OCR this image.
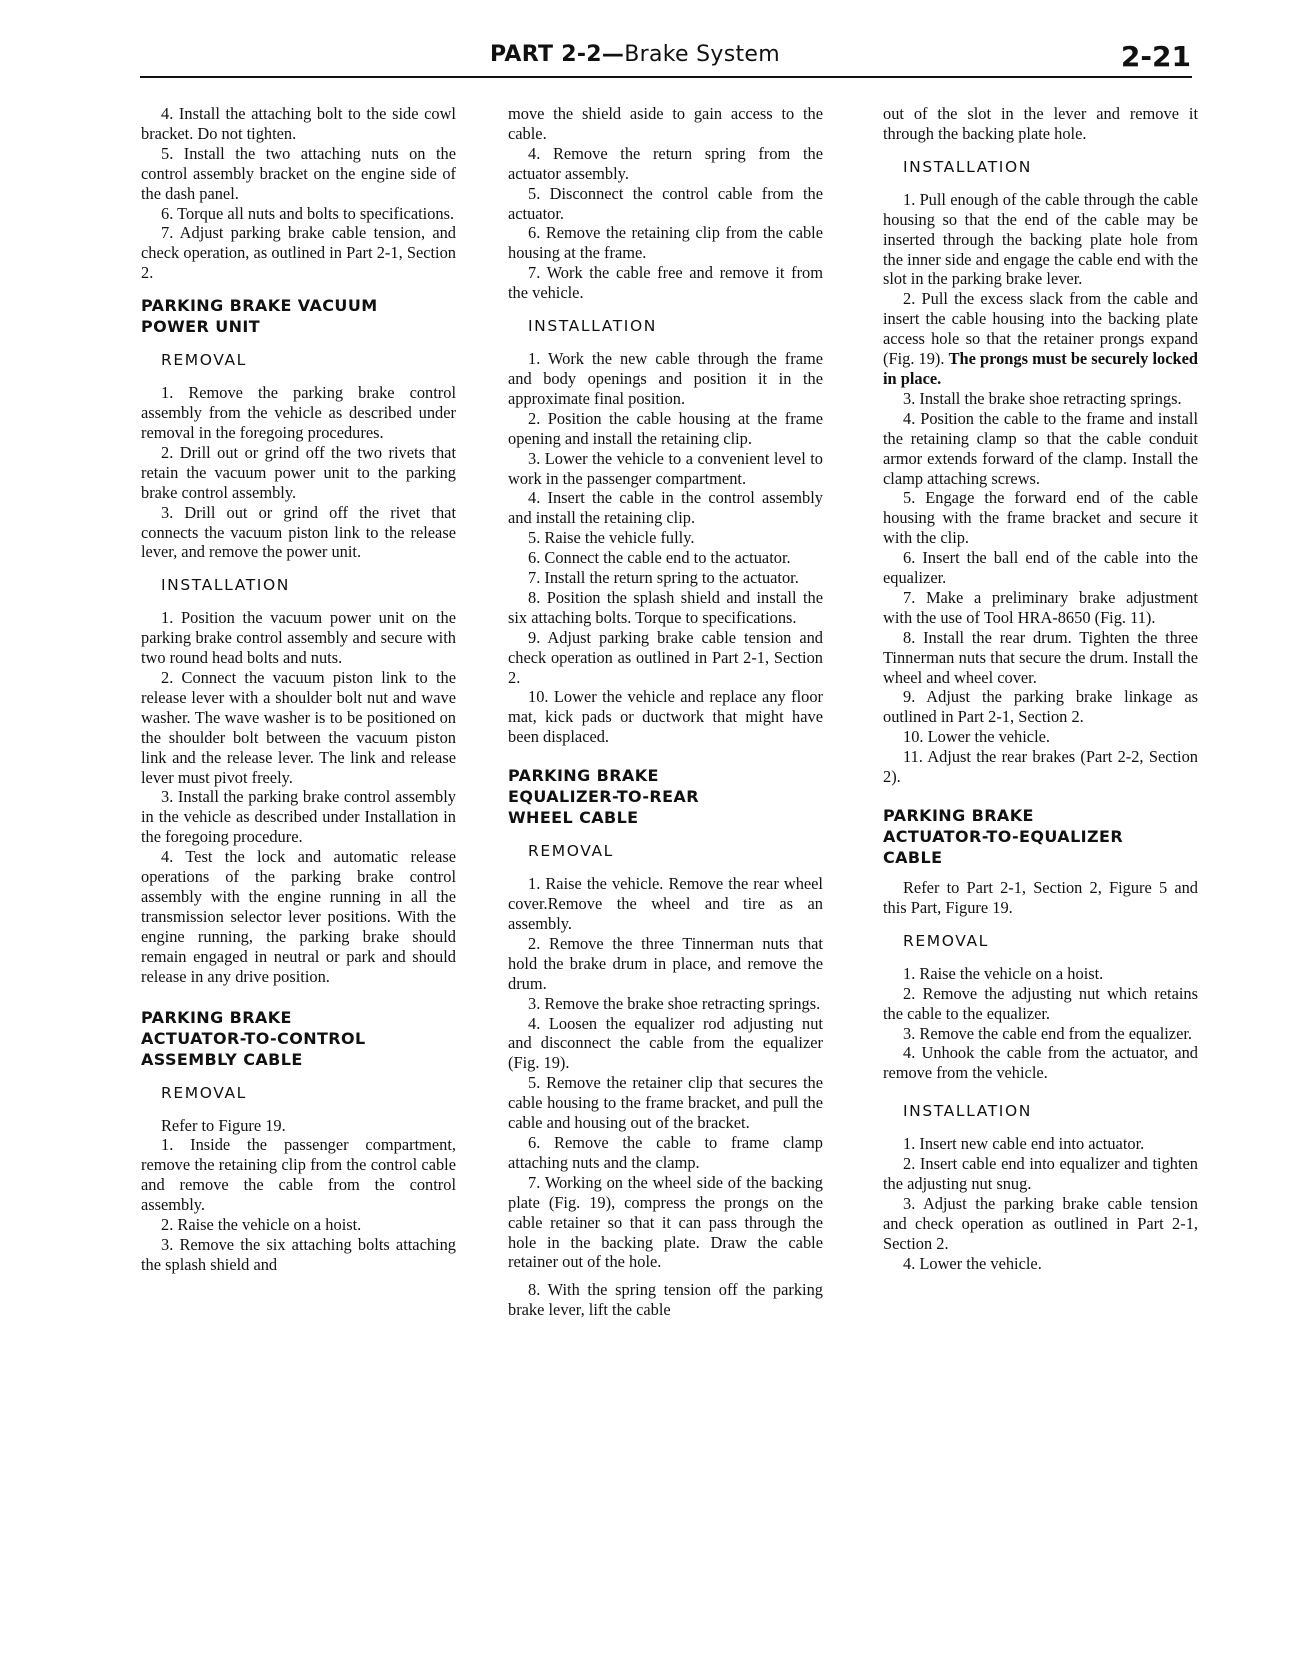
PART 2-2—Brake System	2-21

4. Install the attaching bolt to the side cowl bracket. Do not tighten.

5. Install the two attaching nuts on the control assembly bracket on the engine side of the dash panel.

6. Torque all nuts and bolts to specifications.

7. Adjust parking brake cable tension, and check operation, as outlined in Part 2-1, Section 2.

PARKING BRAKE VACUUM
POWER UNIT
REMOVAL

1. Remove the parking brake control assembly from the vehicle as described under removal in the foregoing procedures.

2. Drill out or grind off the two rivets that retain the vacuum power unit to the parking brake control assembly.

3. Drill out or grind off the rivet that connects the vacuum piston link to the release lever, and remove the power unit.

INSTALLATION

1. Position the vacuum power unit on the parking brake control assembly and secure with two round head bolts and nuts.

2. Connect the vacuum piston link to the release lever with a shoulder bolt nut and wave washer. The wave washer is to be positioned on the shoulder bolt between the vacuum piston link and the release lever. The link and release lever must pivot freely.

3. Install the parking brake control assembly in the vehicle as described under Installation in the foregoing procedure.

4. Test the lock and automatic release operations of the parking brake control assembly with the engine running in all the transmission selector lever positions. With the engine running, the parking brake should remain engaged in neutral or park and should release in any drive position.

PARKING BRAKE
ACTUATOR-TO-CONTROL
ASSEMBLY CABLE
REMOVAL

Refer to Figure 19.

1. Inside the passenger compartment, remove the retaining clip from the control cable and remove the cable from the control assembly.

2. Raise the vehicle on a hoist.

3. Remove the six attaching bolts attaching the splash shield and

move the shield aside to gain access to the cable.

4. Remove the return spring from the actuator assembly.

5. Disconnect the control cable from the actuator.

6. Remove the retaining clip from the cable housing at the frame.

7. Work the cable free and remove it from the vehicle.

INSTALLATION

1. Work the new cable through the frame and body openings and position it in the approximate final position.

2. Position the cable housing at the frame opening and install the retaining clip.

3. Lower the vehicle to a convenient level to work in the passenger compartment.

4. Insert the cable in the control assembly and install the retaining clip.

5. Raise the vehicle fully.

6. Connect the cable end to the actuator.

7. Install the return spring to the actuator.

8. Position the splash shield and install the six attaching bolts. Torque to specifications.

9. Adjust parking brake cable tension and check operation as outlined in Part 2-1, Section 2.

10. Lower the vehicle and replace any floor mat, kick pads or ductwork that might have been displaced.

PARKING BRAKE
EQUALIZER-TO-REAR
WHEEL CABLE
REMOVAL

1. Raise the vehicle. Remove the rear wheel cover.Remove the wheel and tire as an assembly.

2. Remove the three Tinnerman nuts that hold the brake drum in place, and remove the drum.

3. Remove the brake shoe retracting springs.

4. Loosen the equalizer rod adjusting nut and disconnect the cable from the equalizer (Fig. 19).

5. Remove the retainer clip that secures the cable housing to the frame bracket, and pull the cable and housing out of the bracket.

6. Remove the cable to frame clamp attaching nuts and the clamp.

7. Working on the wheel side of the backing plate (Fig. 19), compress the prongs on the cable retainer so that it can pass through the hole in the backing plate. Draw the cable retainer out of the hole.

8. With the spring tension off the parking brake lever, lift the cable

out of the slot in the lever and remove it through the backing plate hole.

INSTALLATION

1. Pull enough of the cable through the cable housing so that the end of the cable may be inserted through the backing plate hole from the inner side and engage the cable end with the slot in the parking brake lever.

2. Pull the excess slack from the cable and insert the cable housing into the backing plate access hole so that the retainer prongs expand (Fig. 19). The prongs must be securely locked in place.

3. Install the brake shoe retracting springs.

4. Position the cable to the frame and install the retaining clamp so that the cable conduit armor extends forward of the clamp. Install the clamp attaching screws.

5. Engage the forward end of the cable housing with the frame bracket and secure it with the clip.

6. Insert the ball end of the cable into the equalizer.

7. Make a preliminary brake adjustment with the use of Tool HRA-8650 (Fig. 11).

8. Install the rear drum. Tighten the three Tinnerman nuts that secure the drum. Install the wheel and wheel cover.

9. Adjust the parking brake linkage as outlined in Part 2-1, Section 2.

10. Lower the vehicle.

11. Adjust the rear brakes (Part 2-2, Section 2).

PARKING BRAKE
ACTUATOR-TO-EQUALIZER
CABLE

Refer to Part 2-1, Section 2, Figure 5 and this Part, Figure 19.

REMOVAL

1. Raise the vehicle on a hoist.

2. Remove the adjusting nut which retains the cable to the equalizer.

3. Remove the cable end from the equalizer.

4. Unhook the cable from the actuator, and remove from the vehicle.

INSTALLATION

1. Insert new cable end into actuator.

2. Insert cable end into equalizer and tighten the adjusting nut snug.

3. Adjust the parking brake cable tension and check operation as outlined in Part 2-1, Section 2.

4. Lower the vehicle.
